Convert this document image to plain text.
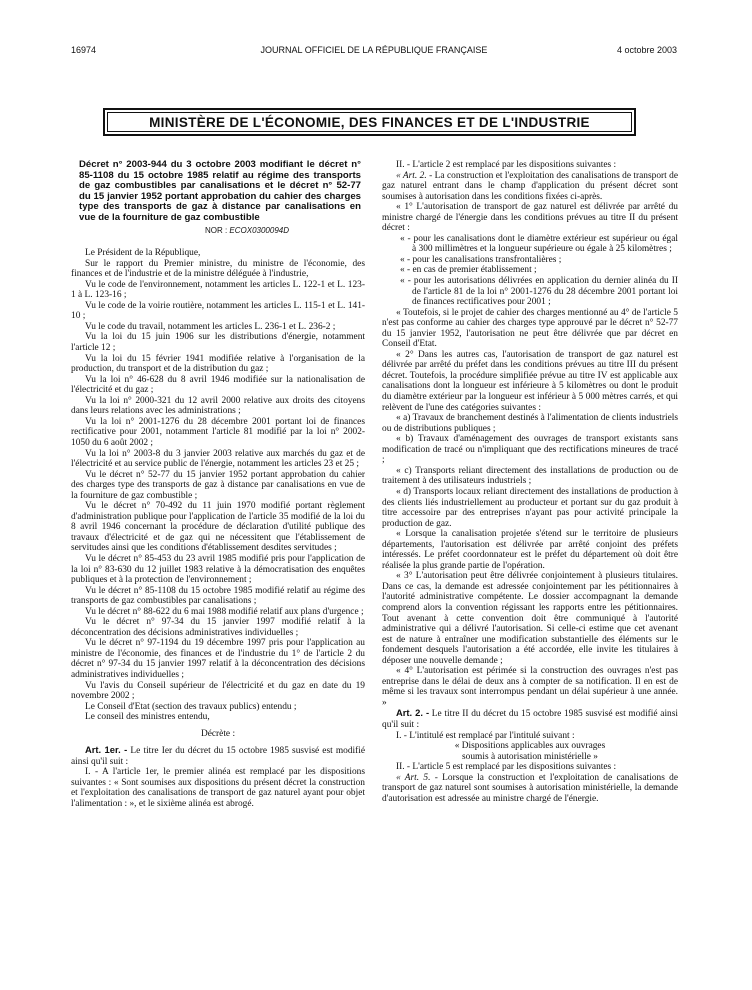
16974	JOURNAL OFFICIEL DE LA RÉPUBLIQUE FRANÇAISE	4 octobre 2003
MINISTÈRE DE L'ÉCONOMIE, DES FINANCES ET DE L'INDUSTRIE

Décret n° 2003-944 du 3 octobre 2003 modifiant le décret n° 85-1108 du 15 octobre 1985 relatif au régime des transports de gaz combustibles par canalisations et le décret n° 52-77 du 15 janvier 1952 portant approbation du cahier des charges type des transports de gaz à distance par canalisations en vue de la fourniture de gaz combustible

NOR : ECOX0300094D

Le Président de la République,

Sur le rapport du Premier ministre, du ministre de l'économie, des finances et de l'industrie et de la ministre déléguée à l'industrie,

Vu le code de l'environnement, notamment les articles L. 122-1 et L. 123-1 à L. 123-16 ;

Vu le code de la voirie routière, notamment les articles L. 115-1 et L. 141-10 ;

Vu le code du travail, notamment les articles L. 236-1 et L. 236-2 ;

Vu la loi du 15 juin 1906 sur les distributions d'énergie, notamment l'article 12 ;

Vu la loi du 15 février 1941 modifiée relative à l'organisation de la production, du transport et de la distribution du gaz ;

Vu la loi n° 46-628 du 8 avril 1946 modifiée sur la nationalisation de l'électricité et du gaz ;

Vu la loi n° 2000-321 du 12 avril 2000 relative aux droits des citoyens dans leurs relations avec les administrations ;

Vu la loi n° 2001-1276 du 28 décembre 2001 portant loi de finances rectificative pour 2001, notamment l'article 81 modifié par la loi n° 2002-1050 du 6 août 2002 ;

Vu la loi n° 2003-8 du 3 janvier 2003 relative aux marchés du gaz et de l'électricité et au service public de l'énergie, notamment les articles 23 et 25 ;

Vu le décret n° 52-77 du 15 janvier 1952 portant approbation du cahier des charges type des transports de gaz à distance par canalisations en vue de la fourniture de gaz combustible ;

Vu le décret n° 70-492 du 11 juin 1970 modifié portant règlement d'administration publique pour l'application de l'article 35 modifié de la loi du 8 avril 1946 concernant la procédure de déclaration d'utilité publique des travaux d'électricité et de gaz qui ne nécessitent que l'établissement de servitudes ainsi que les conditions d'établissement desdites servitudes ;

Vu le décret n° 85-453 du 23 avril 1985 modifié pris pour l'application de la loi n° 83-630 du 12 juillet 1983 relative à la démocratisation des enquêtes publiques et à la protection de l'environnement ;

Vu le décret n° 85-1108 du 15 octobre 1985 modifié relatif au régime des transports de gaz combustibles par canalisations ;

Vu le décret n° 88-622 du 6 mai 1988 modifié relatif aux plans d'urgence ;

Vu le décret n° 97-34 du 15 janvier 1997 modifié relatif à la déconcentration des décisions administratives individuelles ;

Vu le décret n° 97-1194 du 19 décembre 1997 pris pour l'application au ministre de l'économie, des finances et de l'industrie du 1° de l'article 2 du décret n° 97-34 du 15 janvier 1997 relatif à la déconcentration des décisions administratives individuelles ;

Vu l'avis du Conseil supérieur de l'électricité et du gaz en date du 19 novembre 2002 ;

Le Conseil d'Etat (section des travaux publics) entendu ;

Le conseil des ministres entendu,

Décrète :

Art. 1er. - Le titre Ier du décret du 15 octobre 1985 susvisé est modifié ainsi qu'il suit :

I. - A l'article 1er, le premier alinéa est remplacé par les dispositions suivantes : « Sont soumises aux dispositions du présent décret la construction et l'exploitation des canalisations de transport de gaz naturel ayant pour objet l'alimentation : », et le sixième alinéa est abrogé.

II. - L'article 2 est remplacé par les dispositions suivantes :

« Art. 2. - La construction et l'exploitation des canalisations de transport de gaz naturel entrant dans le champ d'application du présent décret sont soumises à autorisation dans les conditions fixées ci-après.

« 1° L'autorisation de transport de gaz naturel est délivrée par arrêté du ministre chargé de l'énergie dans les conditions prévues au titre II du présent décret :

« - pour les canalisations dont le diamètre extérieur est supérieur ou égal à 300 millimètres et la longueur supérieure ou égale à 25 kilomètres ;
« - pour les canalisations transfrontalières ;
« - en cas de premier établissement ;
« - pour les autorisations délivrées en application du dernier alinéa du II de l'article 81 de la loi n° 2001-1276 du 28 décembre 2001 portant loi de finances rectificatives pour 2001 ;

« Toutefois, si le projet de cahier des charges mentionné au 4° de l'article 5 n'est pas conforme au cahier des charges type approuvé par le décret n° 52-77 du 15 janvier 1952, l'autorisation ne peut être délivrée que par décret en Conseil d'Etat.

« 2° Dans les autres cas, l'autorisation de transport de gaz naturel est délivrée par arrêté du préfet dans les conditions prévues au titre III du présent décret. Toutefois, la procédure simplifiée prévue au titre IV est applicable aux canalisations dont la longueur est inférieure à 5 kilomètres ou dont le produit du diamètre extérieur par la longueur est inférieur à 5 000 mètres carrés, et qui relèvent de l'une des catégories suivantes :

« a) Travaux de branchement destinés à l'alimentation de clients industriels ou de distributions publiques ;

« b) Travaux d'aménagement des ouvrages de transport existants sans modification de tracé ou n'impliquant que des rectifications mineures de tracé ;

« c) Transports reliant directement des installations de production ou de traitement à des utilisateurs industriels ;

« d) Transports locaux reliant directement des installations de production à des clients liés industriellement au producteur et portant sur du gaz produit à titre accessoire par des entreprises n'ayant pas pour activité principale la production de gaz.

« Lorsque la canalisation projetée s'étend sur le territoire de plusieurs départements, l'autorisation est délivrée par arrêté conjoint des préfets intéressés. Le préfet coordonnateur est le préfet du département où doit être réalisée la plus grande partie de l'opération.

« 3° L'autorisation peut être délivrée conjointement à plusieurs titulaires. Dans ce cas, la demande est adressée conjointement par les pétitionnaires à l'autorité administrative compétente. Le dossier accompagnant la demande comprend alors la convention régissant les rapports entre les pétitionnaires. Tout avenant à cette convention doit être communiqué à l'autorité administrative qui a délivré l'autorisation. Si celle-ci estime que cet avenant est de nature à entraîner une modification substantielle des éléments sur le fondement desquels l'autorisation a été accordée, elle invite les titulaires à déposer une nouvelle demande ;

« 4° L'autorisation est périmée si la construction des ouvrages n'est pas entreprise dans le délai de deux ans à compter de sa notification. Il en est de même si les travaux sont interrompus pendant un délai supérieur à une année. »

Art. 2. - Le titre II du décret du 15 octobre 1985 susvisé est modifié ainsi qu'il suit :

I. - L'intitulé est remplacé par l'intitulé suivant :

« Dispositions applicables aux ouvrages

soumis à autorisation ministérielle »

II. - L'article 5 est remplacé par les dispositions suivantes :

« Art. 5. - Lorsque la construction et l'exploitation de canalisations de transport de gaz naturel sont soumises à autorisation ministérielle, la demande d'autorisation est adressée au ministre chargé de l'énergie.
